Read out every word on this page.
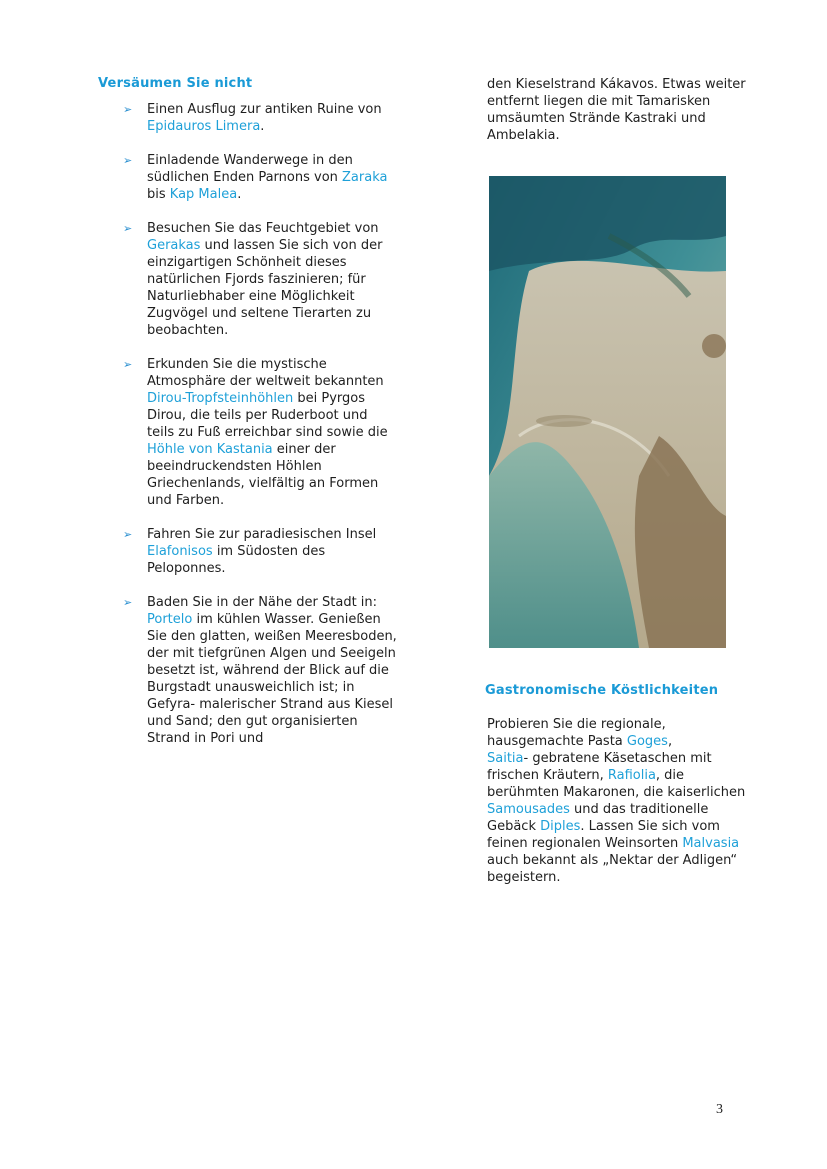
Versäumen Sie nicht
➢ Einen Ausflug zur antiken Ruine von Epidauros Limera.
➢ Einladende Wanderwege in den südlichen Enden Parnons von Zaraka bis Kap Malea.
➢ Besuchen Sie das Feuchtgebiet von Gerakas und lassen Sie sich von der einzigartigen Schönheit dieses natürlichen Fjords faszinieren; für Naturliebhaber eine Möglichkeit Zugvögel und seltene Tierarten zu beobachten.
➢ Erkunden Sie die mystische Atmosphäre der weltweit bekannten Dirou-Tropfsteinhöhlen bei Pyrgos Dirou, die teils per Ruderboot und teils zu Fuß erreichbar sind sowie die Höhle von Kastania einer der beeindruckendsten Höhlen Griechenlands, vielfältig an Formen und Farben.
➢ Fahren Sie zur paradiesischen Insel Elafonisos im Südosten des Peloponnes.
➢ Baden Sie in der Nähe der Stadt in: Portelo im kühlen Wasser. Genießen Sie den glatten, weißen Meeresboden, der mit tiefgrünen Algen und Seeigeln besetzt ist, während der Blick auf die Burgstadt unausweichlich ist; in Gefyra- malerischer Strand aus Kiesel und Sand; den gut organisierten Strand in Pori und

den Kieselstrand Kákavos. Etwas weiter entfernt liegen die mit Tamarisken umsäumten Strände Kastraki und Ambelakia.

Gastronomische Köstlichkeiten

Probieren Sie die regionale, hausgemachte Pasta Goges,
Saitia- gebratene Käsetaschen mit frischen Kräutern, Rafiolia, die berühmten Makaronen, die kaiserlichen Samousades und das traditionelle Gebäck Diples. Lassen Sie sich vom feinen regionalen Weinsorten Malvasia auch bekannt als „Nektar der Adligen“ begeistern.

3
